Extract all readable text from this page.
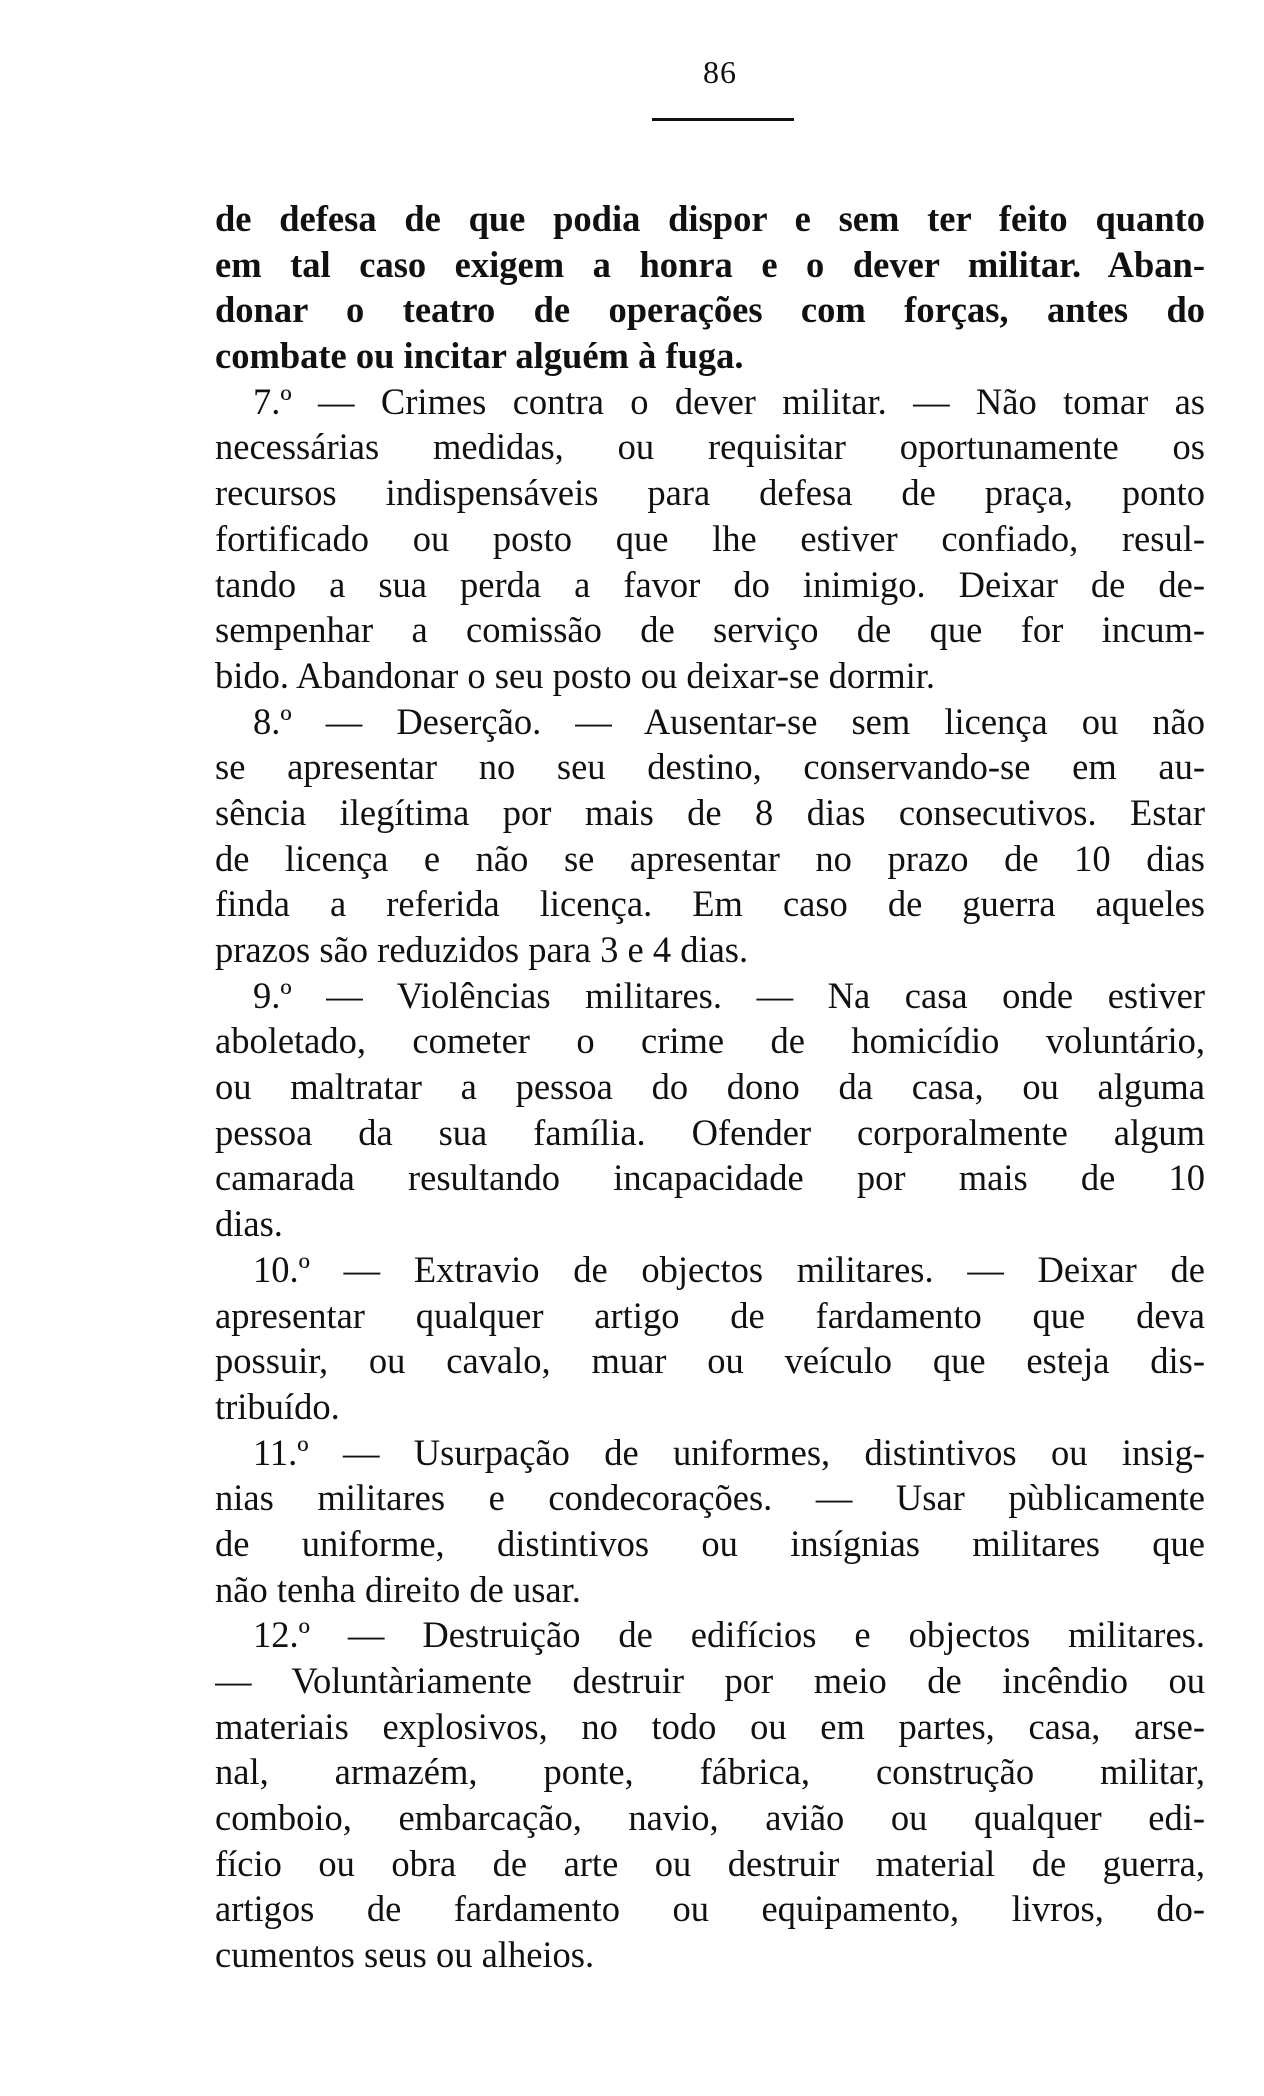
86
de defesa de que podia dispor e sem ter feito quanto
em tal caso exigem a honra e o dever militar. Aban-
donar o teatro de operações com forças, antes do
combate ou incitar alguém à fuga.
7.º — Crimes contra o dever militar. — Não tomar as
necessárias medidas, ou requisitar oportunamente os
recursos indispensáveis para defesa de praça, ponto
fortificado ou posto que lhe estiver confiado, resul-
tando a sua perda a favor do inimigo. Deixar de de-
sempenhar a comissão de serviço de que for incum-
bido. Abandonar o seu posto ou deixar-se dormir.
8.º — Deserção. — Ausentar-se sem licença ou não
se apresentar no seu destino, conservando-se em au-
sência ilegítima por mais de 8 dias consecutivos. Estar
de licença e não se apresentar no prazo de 10 dias
finda a referida licença. Em caso de guerra aqueles
prazos são reduzidos para 3 e 4 dias.
9.º — Violências militares. — Na casa onde estiver
aboletado, cometer o crime de homicídio voluntário,
ou maltratar a pessoa do dono da casa, ou alguma
pessoa da sua família. Ofender corporalmente algum
camarada resultando incapacidade por mais de 10
dias.
10.º — Extravio de objectos militares. — Deixar de
apresentar qualquer artigo de fardamento que deva
possuir, ou cavalo, muar ou veículo que esteja dis-
tribuído.
11.º — Usurpação de uniformes, distintivos ou insig-
nias militares e condecorações. — Usar pùblicamente
de uniforme, distintivos ou insígnias militares que
não tenha direito de usar.
12.º — Destruição de edifícios e objectos militares.
— Voluntàriamente destruir por meio de incêndio ou
materiais explosivos, no todo ou em partes, casa, arse-
nal, armazém, ponte, fábrica, construção militar,
comboio, embarcação, navio, avião ou qualquer edi-
fício ou obra de arte ou destruir material de guerra,
artigos de fardamento ou equipamento, livros, do-
cumentos seus ou alheios.
